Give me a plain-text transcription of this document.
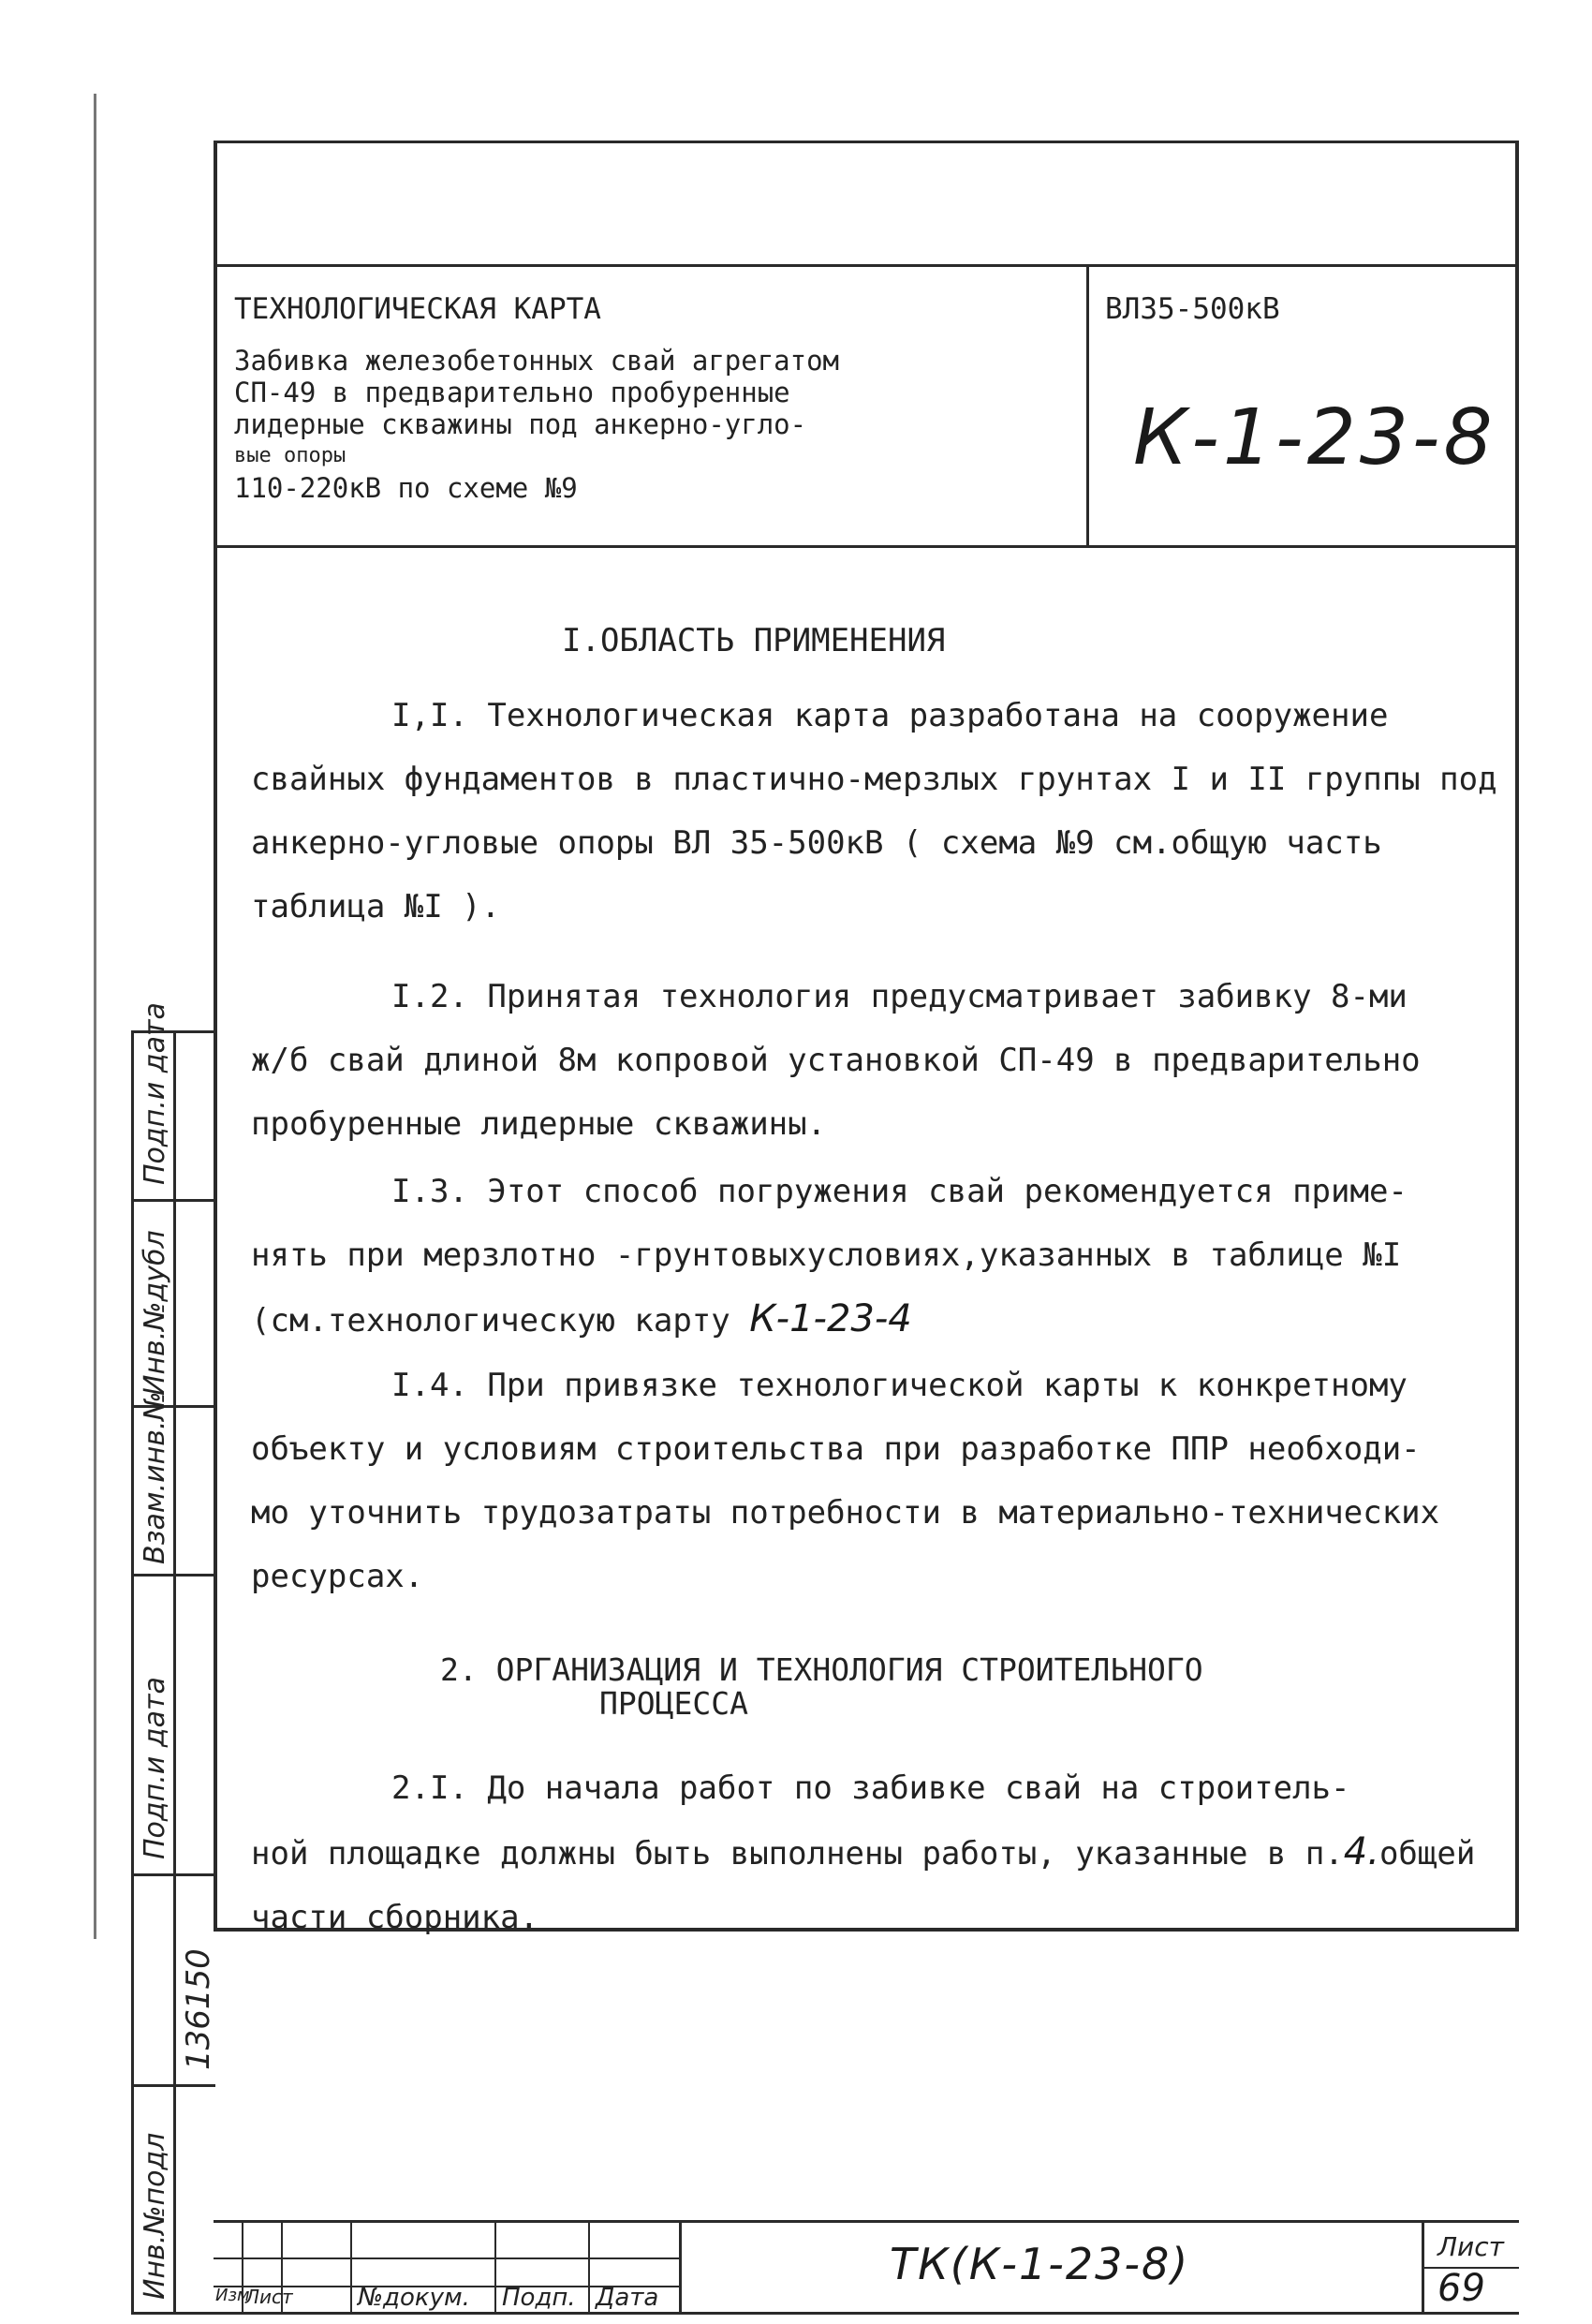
ТЕХНОЛОГИЧЕСКАЯ КАРТА
Забивка железобетонных свай агрегатом
СП-49 в предварительно пробуренные
лидерные скважины под анкерно-угло-
вые опоры
110-220кВ по схеме №9
ВЛ35-500кВ
К-1-23-8
I.ОБЛАСТЬ ПРИМЕНЕНИЯ
I,I. Технологическая карта разработана на сооружение
свайных фундаментов в пластично-мерзлых грунтах I и II группы под
анкерно-угловые опоры ВЛ 35-500кВ ( схема №9 см.общую часть
таблица №I ).
I.2. Принятая технология предусматривает забивку 8-ми
ж/б свай длиной 8м копровой установкой СП-49 в предварительно
пробуренные лидерные скважины.
I.3. Этот способ погружения свай рекомендуется приме-
нять при мерзлотно -грунтовыхусловиях,указанных в таблице №I
(см.технологическую карту К-1-23-4
I.4. При привязке технологической карты к конкретному
объекту и условиям строительства при разработке ППР необходи-
мо уточнить трудозатраты потребности в материально-технических
ресурсах.
2. ОРГАНИЗАЦИЯ И ТЕХНОЛОГИЯ СТРОИТЕЛЬНОГО
ПРОЦЕССА
2.I. До начала работ по забивке свай на строитель-
ной площадке должны быть выполнены работы, указанные в п.4.общей
части сборника.
Подп.и дата
Инв.№дубл
Взам.инв.№
Подп.и дата
Инв.№подл
136150
Изм
Лист	№докум. Подп. Дата
ТК(К-1-23-8)	Лист
69
